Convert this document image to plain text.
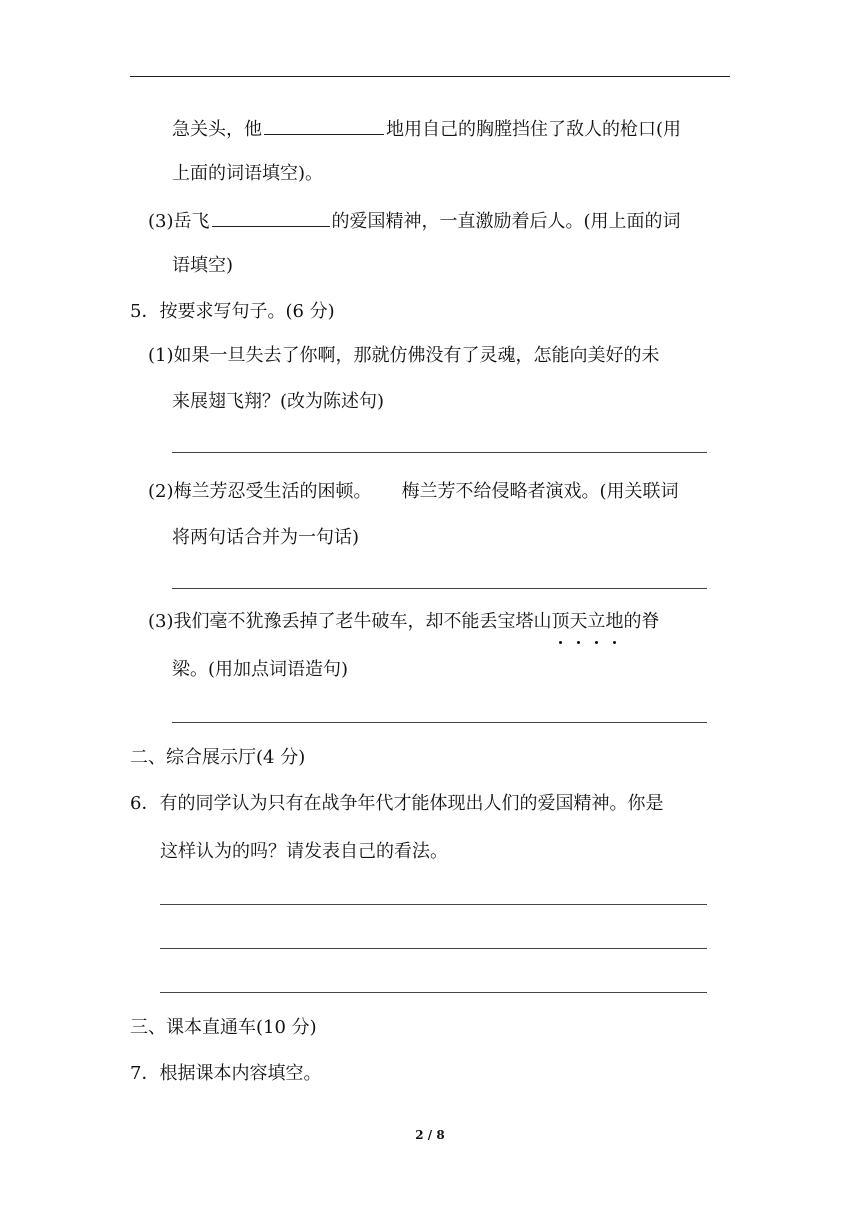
急关头，他	地用自己的胸膛挡住了敌人的枪口(用
上面的词语填空)。
(3)岳飞	的爱国精神，一直激励着后人。(用上面的词
语填空)
5．按要求写句子。(6 分)
(1)如果一旦失去了你啊，那就仿佛没有了灵魂，怎能向美好的未
来展翅飞翔？(改为陈述句)
(2)梅兰芳忍受生活的困顿。 梅兰芳不给侵略者演戏。(用关联词
将两句话合并为一句话)
(3)我们毫不犹豫丢掉了老牛破车，却不能丢宝塔山顶天立地的脊
梁。(用加点词语造句)
二、综合展示厅(4 分)
6．有的同学认为只有在战争年代才能体现出人们的爱国精神。你是
这样认为的吗？请发表自己的看法。
三、课本直通车(10 分)
7．根据课本内容填空。
2 / 8
